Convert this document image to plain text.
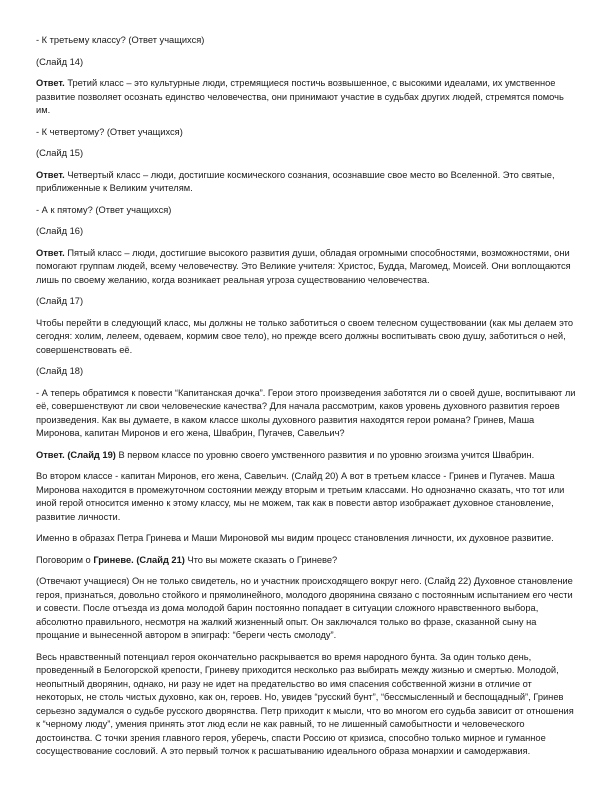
- К третьему классу? (Ответ учащихся)

(Слайд 14)

Ответ. Третий класс – это культурные люди, стремящиеся постичь возвышенное, с высокими идеалами, их умственное развитие позволяет осознать единство человечества, они принимают участие в судьбах других людей, стремятся помочь им.

- К четвертому? (Ответ учащихся)

(Слайд 15)

Ответ. Четвертый класс – люди, достигшие космического сознания, осознавшие свое место во Вселенной. Это святые, приближенные к Великим учителям.

- А к пятому? (Ответ учащихся)

(Слайд 16)

Ответ. Пятый класс – люди, достигшие высокого развития души, обладая огромными способностями, возможностями, они помогают группам людей, всему человечеству. Это Великие учителя: Христос, Будда, Магомед, Моисей. Они воплощаются лишь по своему желанию, когда возникает реальная угроза существованию человечества.

(Слайд 17)

Чтобы перейти в следующий класс, мы должны не только заботиться о своем телесном существовании (как мы делаем это сегодня: холим, лелеем, одеваем, кормим свое тело), но прежде всего должны воспитывать свою душу, заботиться о ней, совершенствовать её.

(Слайд 18)

- А теперь обратимся к повести “Капитанская дочка”. Герои этого произведения заботятся ли о своей душе, воспитывают ли её, совершенствуют ли свои человеческие качества? Для начала рассмотрим, каков уровень духовного развития героев произведения. Как вы думаете, в каком классе школы духовного развития находятся герои романа? Гринев, Маша Миронова, капитан Миронов и его жена, Швабрин, Пугачев, Савельич?

Ответ. (Слайд 19) В первом классе по уровню своего умственного развития и по уровню эгоизма учится Швабрин.

Во втором классе - капитан Миронов, его жена, Савельич. (Слайд 20) А вот в третьем классе - Гринев и Пугачев. Маша Миронова находится в промежуточном состоянии между вторым и третьим классами. Но однозначно сказать, что тот или иной герой относится именно к этому классу, мы не можем, так как в повести автор изображает духовное становление, развитие личности.

Именно в образах Петра Гринева и Маши Мироновой мы видим процесс становления личности, их духовное развитие.

Поговорим о Гриневе. (Слайд 21) Что вы можете сказать о Гриневе?

(Отвечают учащиеся) Он не только свидетель, но и участник происходящего вокруг него. (Слайд 22) Духовное становление героя, признаться, довольно стойкого и прямолинейного, молодого дворянина связано с постоянным испытанием его чести и совести. После отъезда из дома молодой барин постоянно попадает в ситуации сложного нравственного выбора, абсолютно правильного, несмотря на жалкий жизненный опыт. Он заключался только во фразе, сказанной сыну на прощание и вынесенной автором в эпиграф: “береги честь смолоду”.

Весь нравственный потенциал героя окончательно раскрывается во время народного бунта. За один только день, проведенный в Белогорской крепости, Гриневу приходится несколько раз выбирать между жизнью и смертью. Молодой, неопытный дворянин, однако, ни разу не идет на предательство во имя спасения собственной жизни в отличие от некоторых, не столь чистых духовно, как он, героев. Но, увидев “русский бунт”, “бессмысленный и беспощадный”, Гринев серьезно задумался о судьбе русского дворянства. Петр приходит к мысли, что во многом его судьба зависит от отношения к “черному люду”, умения принять этот люд если не как равный, то не лишенный самобытности и человеческого достоинства. С точки зрения главного героя, уберечь, спасти Россию от кризиса, способно только мирное и гуманное сосуществование сословий. А это первый толчок к расшатыванию идеального образа монархии и самодержавия.
